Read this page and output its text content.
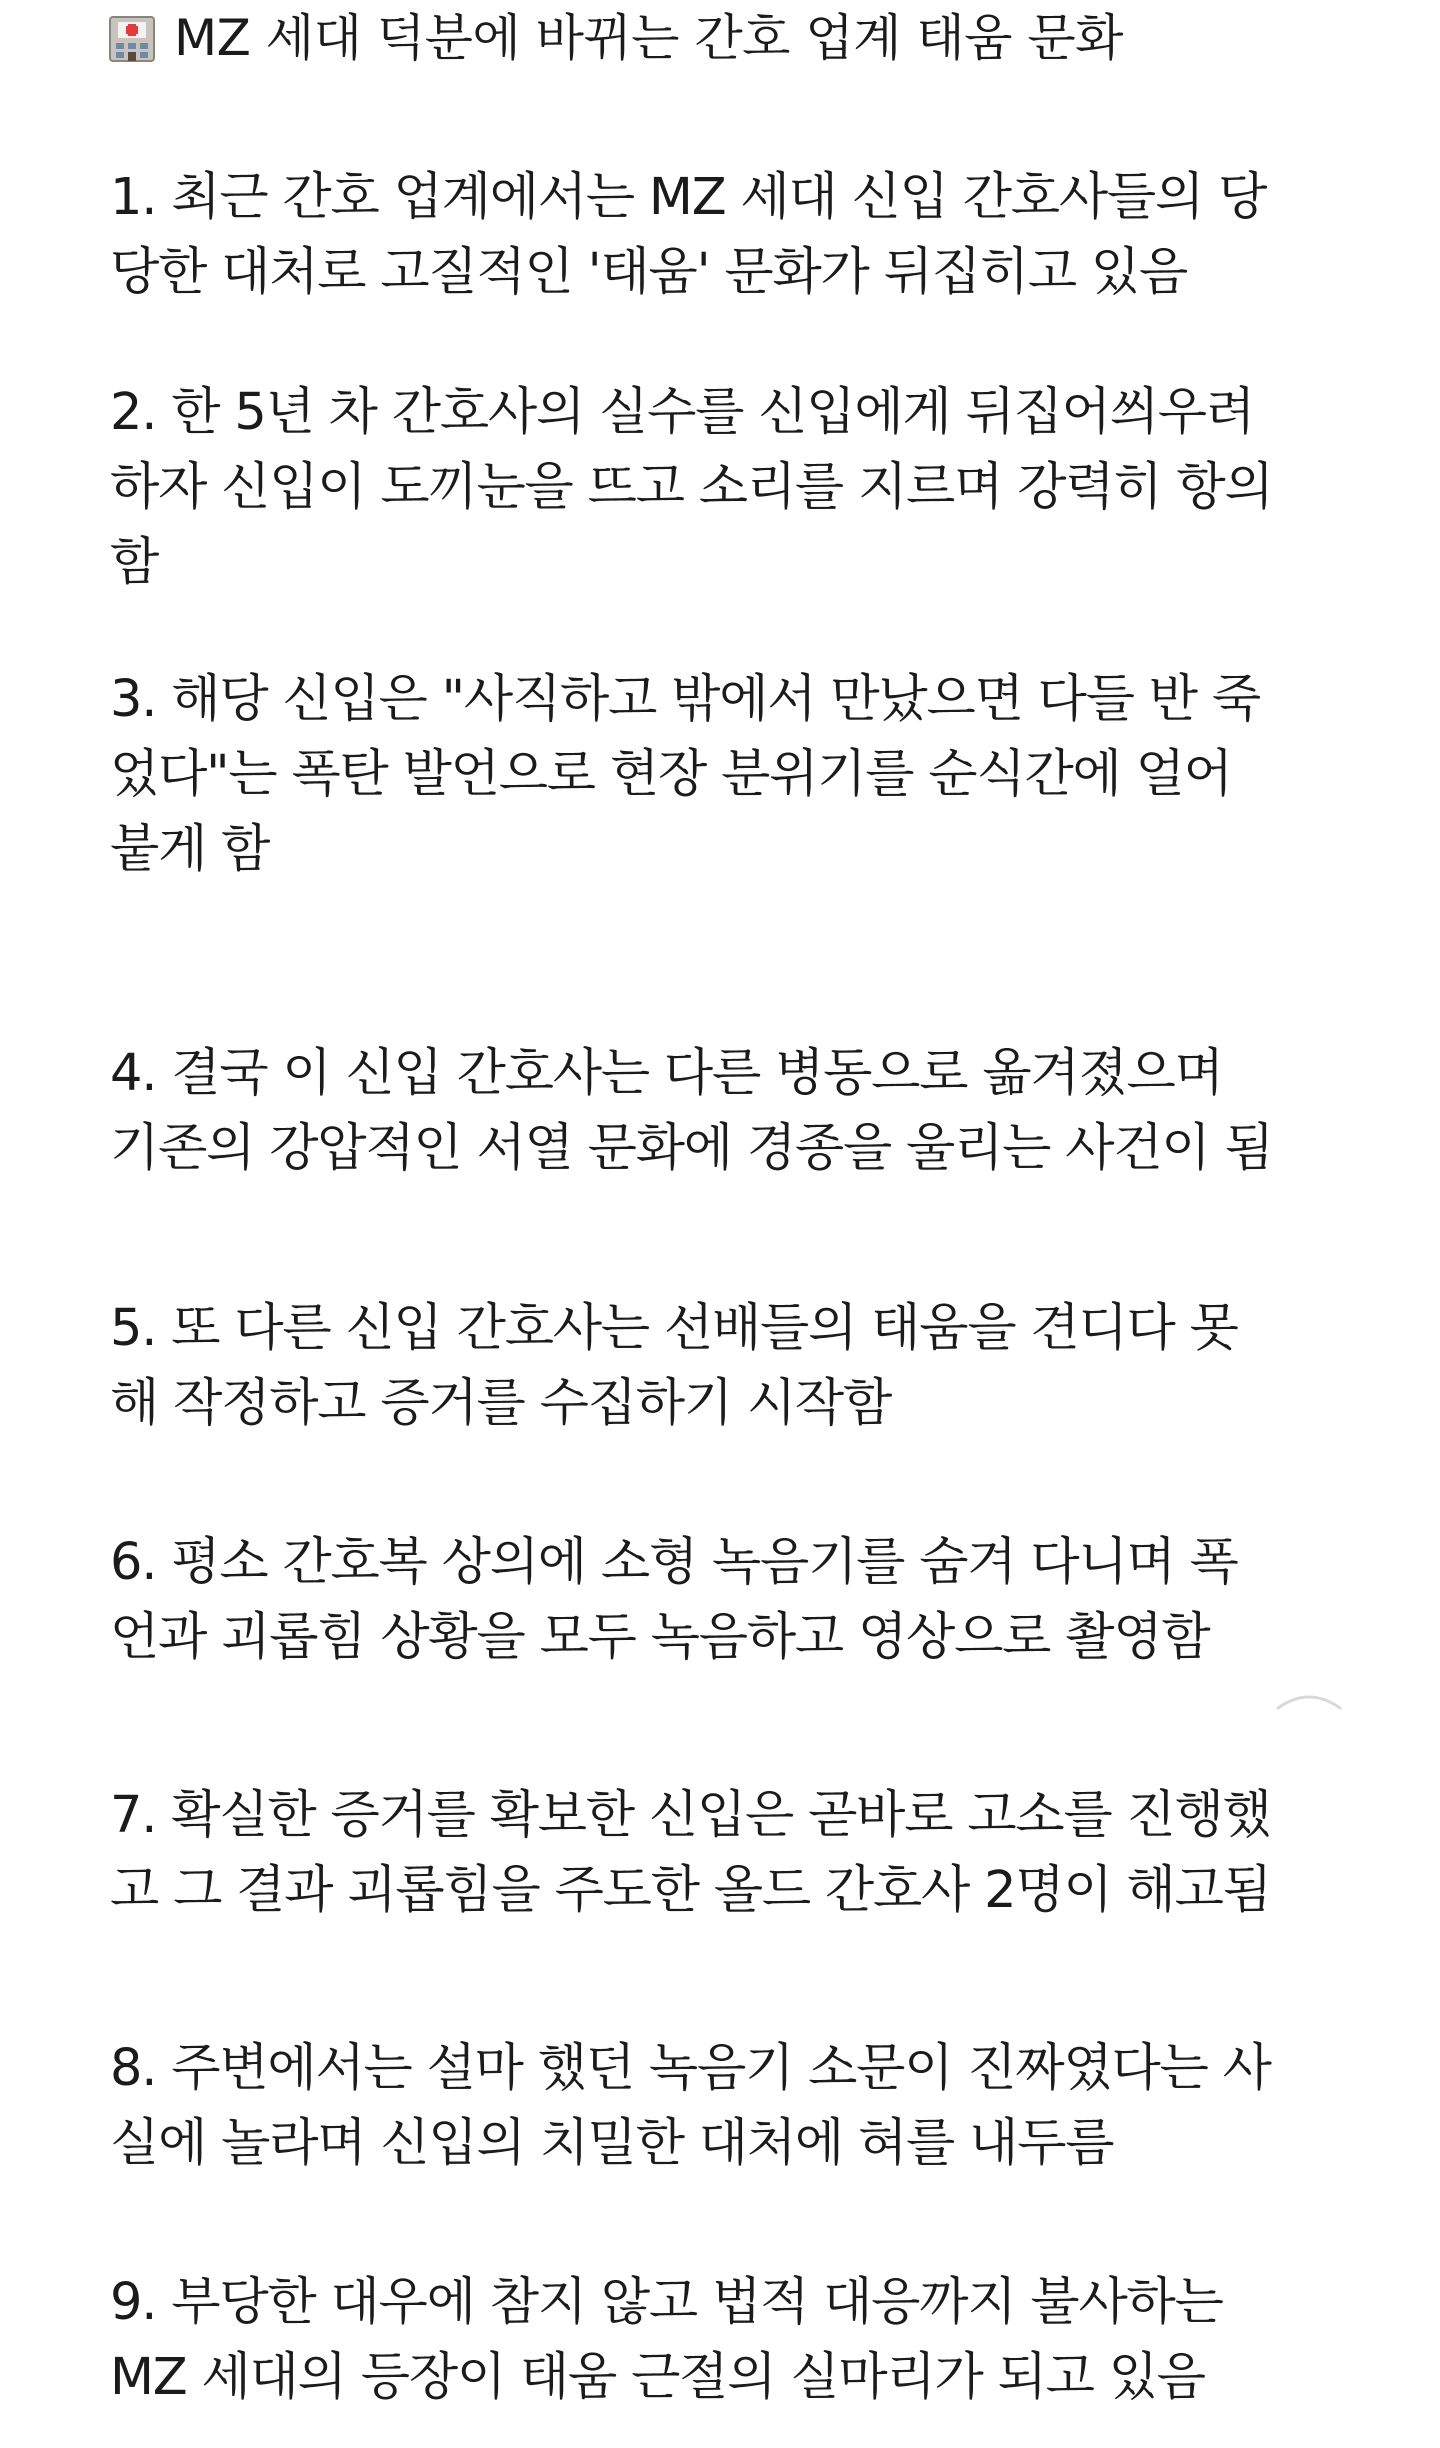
MZ 세대 덕분에 바뀌는 간호 업계 태움 문화
1. 최근 간호 업계에서는 MZ 세대 신입 간호사들의 당
당한 대처로 고질적인 '태움' 문화가 뒤집히고 있음
2. 한 5년 차 간호사의 실수를 신입에게 뒤집어씌우려
하자 신입이 도끼눈을 뜨고 소리를 지르며 강력히 항의
함
3. 해당 신입은 "사직하고 밖에서 만났으면 다들 반 죽
었다"는 폭탄 발언으로 현장 분위기를 순식간에 얼어
붙게 함
4. 결국 이 신입 간호사는 다른 병동으로 옮겨졌으며
기존의 강압적인 서열 문화에 경종을 울리는 사건이 됨
5. 또 다른 신입 간호사는 선배들의 태움을 견디다 못
해 작정하고 증거를 수집하기 시작함
6. 평소 간호복 상의에 소형 녹음기를 숨겨 다니며 폭
언과 괴롭힘 상황을 모두 녹음하고 영상으로 촬영함
7. 확실한 증거를 확보한 신입은 곧바로 고소를 진행했
고 그 결과 괴롭힘을 주도한 올드 간호사 2명이 해고됨
8. 주변에서는 설마 했던 녹음기 소문이 진짜였다는 사
실에 놀라며 신입의 치밀한 대처에 혀를 내두름
9. 부당한 대우에 참지 않고 법적 대응까지 불사하는
MZ 세대의 등장이 태움 근절의 실마리가 되고 있음
